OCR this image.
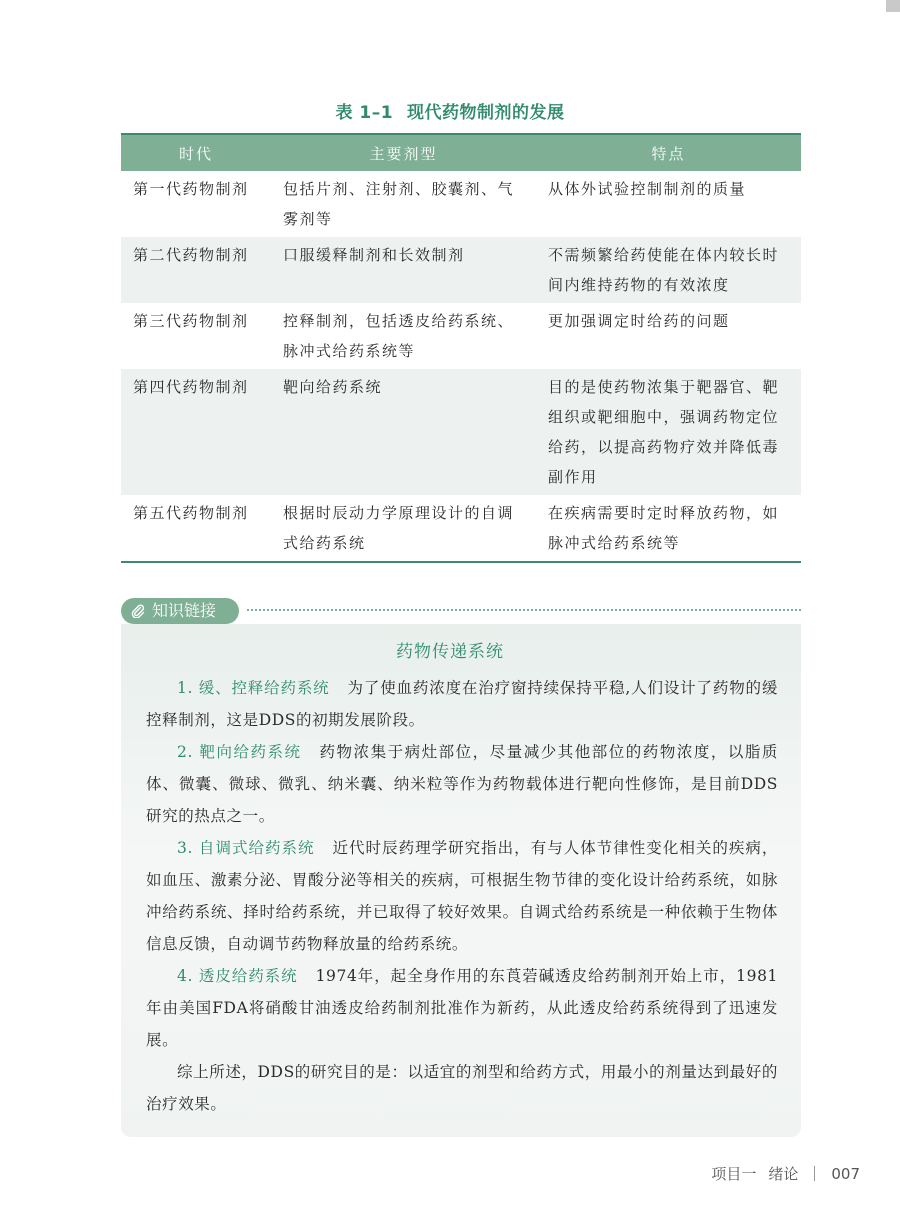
表 1–1 现代药物制剂的发展
时代	主要剂型	特点
第一代药物制剂	包括片剂、注射剂、胶囊剂、气雾剂等	从体外试验控制制剂的质量
第二代药物制剂	口服缓释制剂和长效制剂	不需频繁给药使能在体内较长时间内维持药物的有效浓度
第三代药物制剂	控释制剂，包括透皮给药系统、脉冲式给药系统等	更加强调定时给药的问题
第四代药物制剂	靶向给药系统	目的是使药物浓集于靶器官、靶组织或靶细胞中，强调药物定位给药，以提高药物疗效并降低毒副作用
第五代药物制剂	根据时辰动力学原理设计的自调式给药系统	在疾病需要时定时释放药物，如脉冲式给药系统等
知识链接
药物传递系统

1. 缓、控释给药系统 为了使血药浓度在治疗窗持续保持平稳,人们设计了药物的缓控释制剂，这是DDS的初期发展阶段。

2. 靶向给药系统 药物浓集于病灶部位，尽量减少其他部位的药物浓度，以脂质体、微囊、微球、微乳、纳米囊、纳米粒等作为药物载体进行靶向性修饰，是目前DDS研究的热点之一。

3. 自调式给药系统 近代时辰药理学研究指出，有与人体节律性变化相关的疾病，如血压、激素分泌、胃酸分泌等相关的疾病，可根据生物节律的变化设计给药系统，如脉冲给药系统、择时给药系统，并已取得了较好效果。自调式给药系统是一种依赖于生物体信息反馈，自动调节药物释放量的给药系统。

4. 透皮给药系统 1974年，起全身作用的东莨菪碱透皮给药制剂开始上市，1981年由美国FDA将硝酸甘油透皮给药制剂批准作为新药，从此透皮给药系统得到了迅速发展。

综上所述，DDS的研究目的是：以适宜的剂型和给药方式，用最小的剂量达到最好的治疗效果。

项目一 绪论 007
